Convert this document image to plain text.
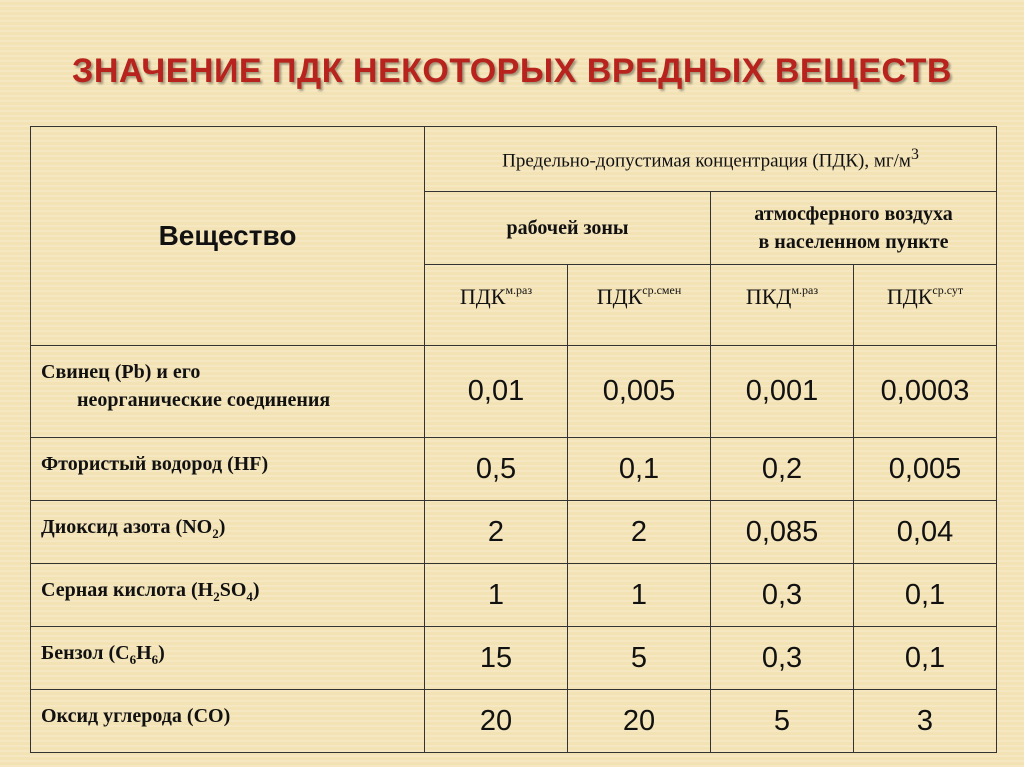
ЗНАЧЕНИЕ ПДК НЕКОТОРЫХ ВРЕДНЫХ ВЕЩЕСТВ
Вещество	Предельно-допустимая концентрация (ПДК), $мг/м^3$
	рабочей зоны		атмосферного воздуха
в населенном пункте	
	$ПДК^{м.раз}$	$ПДК^{ср.смен}$	$ПКД^{м.раз}$	$ПДК^{ср.сут}$
Свинец (Pb) и его
неорганические соединения	0,01	0,005	0,001	0,0003
Фтористый водород (HF)	0,5	0,1	0,2	0,005
Диоксид азота $(NO_2)$	2	2	0,085	0,04
Серная кислота $(H_2SO_4)$	1	1	0,3	0,1
Бензол $(C_6H_6)$	15	5	0,3	0,1
Оксид углерода (CO)	20	20	5	3
